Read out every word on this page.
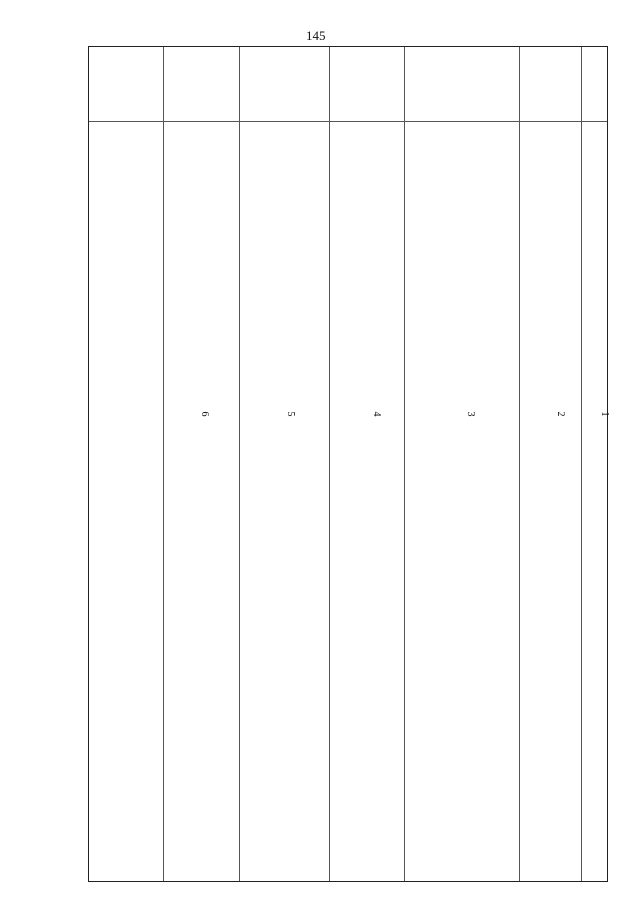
145
1
2
3
4
5
6
